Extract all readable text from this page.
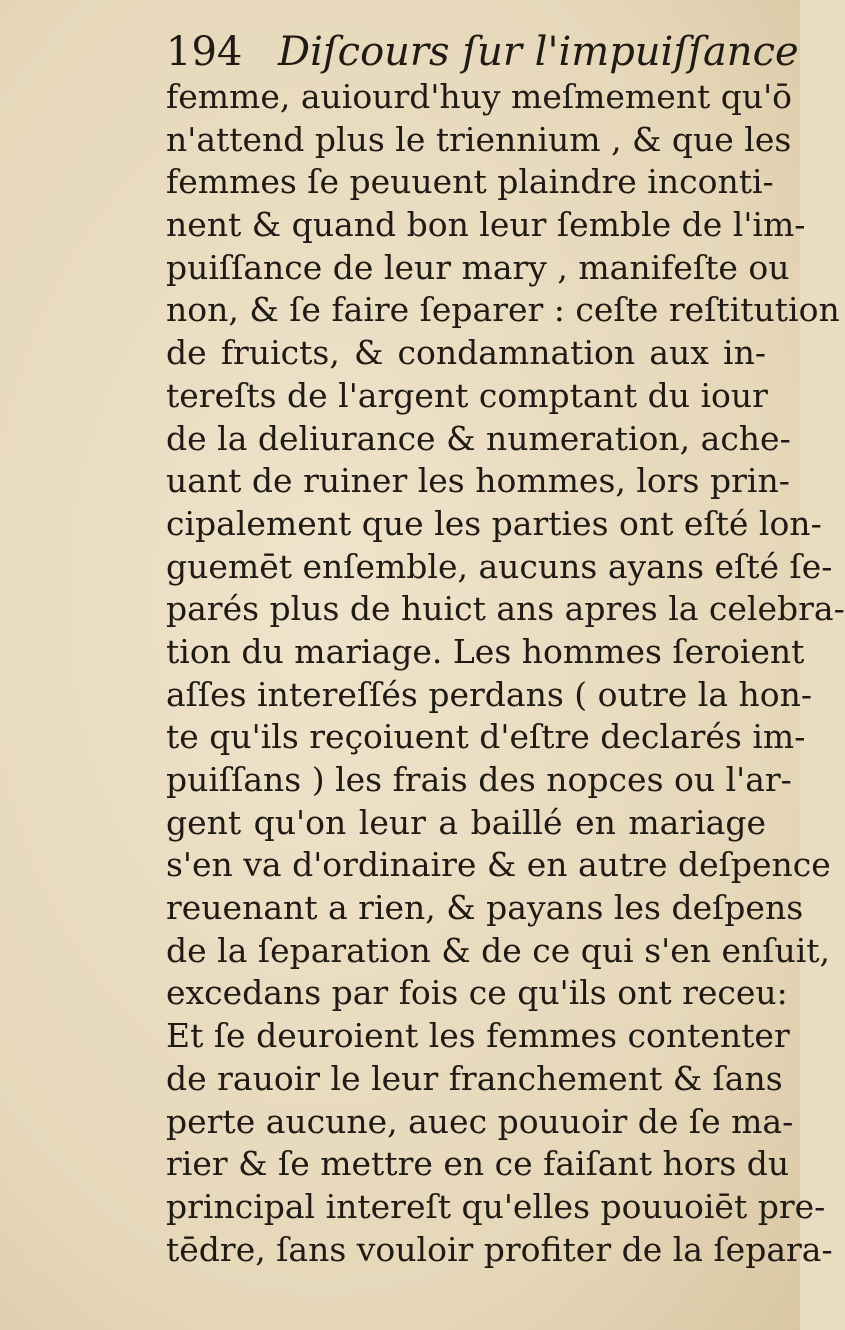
194 Diſcours ſur l'impuiſſance
femme, auiourd'huy meſmement qu'ō
n'attend plus le triennium , & que les
femmes ſe peuuent plaindre inconti-
nent & quand bon leur ſemble de l'im-
puiſſance de leur mary , manifeſte ou
non, & ſe faire ſeparer : ceſte reſtitution
de fruicts, & condamnation aux in-
tereſts de l'argent comptant du iour
de la deliurance & numeration, ache-
uant de ruiner les hommes, lors prin-
cipalement que les parties ont eſté lon-
guemēt enſemble, aucuns ayans eſté ſe-
parés plus de huict ans apres la celebra-
tion du mariage. Les hommes ſeroient
aſſes intereſſés perdans ( outre la hon-
te qu'ils reçoiuent d'eſtre declarés im-
puiſſans ) les frais des nopces ou l'ar-
gent qu'on leur a baillé en mariage
s'en va d'ordinaire & en autre deſpence
reuenant a rien, & payans les deſpens
de la ſeparation & de ce qui s'en enſuit,
excedans par fois ce qu'ils ont receu:
Et ſe deuroient les femmes contenter
de rauoir le leur franchement & ſans
perte aucune, auec pouuoir de ſe ma-
rier & ſe mettre en ce faiſant hors du
principal intereſt qu'elles pouuoiēt pre-
tēdre, ſans vouloir profiter de la ſepara-
